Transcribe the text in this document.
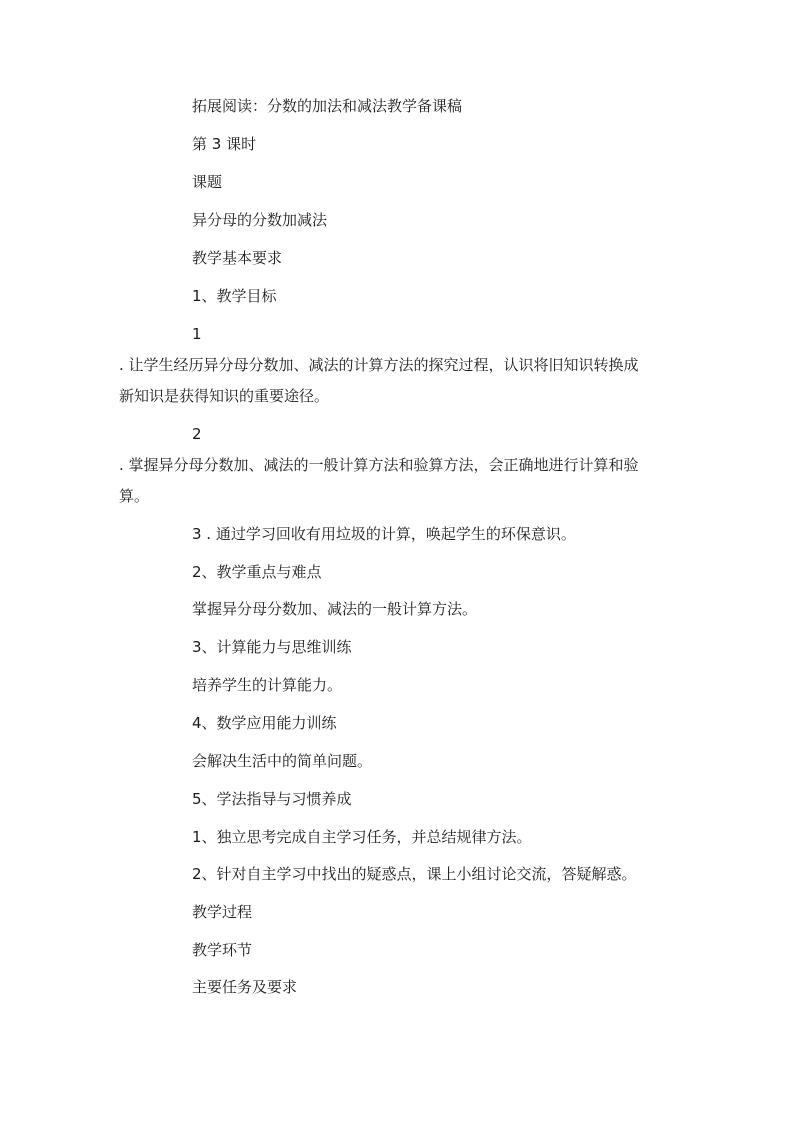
拓展阅读：分数的加法和减法教学备课稿
第 3 课时
课题
异分母的分数加减法
教学基本要求
1、教学目标
1
. 让学生经历异分母分数加、减法的计算方法的探究过程，认识将旧知识转换成
新知识是获得知识的重要途径。
2
. 掌握异分母分数加、减法的一般计算方法和验算方法，会正确地进行计算和验
算。
3 . 通过学习回收有用垃圾的计算，唤起学生的环保意识。
2、教学重点与难点
掌握异分母分数加、减法的一般计算方法。
3、计算能力与思维训练
培养学生的计算能力。
4、数学应用能力训练
会解决生活中的简单问题。
5、学法指导与习惯养成
1、独立思考完成自主学习任务，并总结规律方法。
2、针对自主学习中找出的疑惑点，课上小组讨论交流，答疑解惑。
教学过程
教学环节
主要任务及要求
